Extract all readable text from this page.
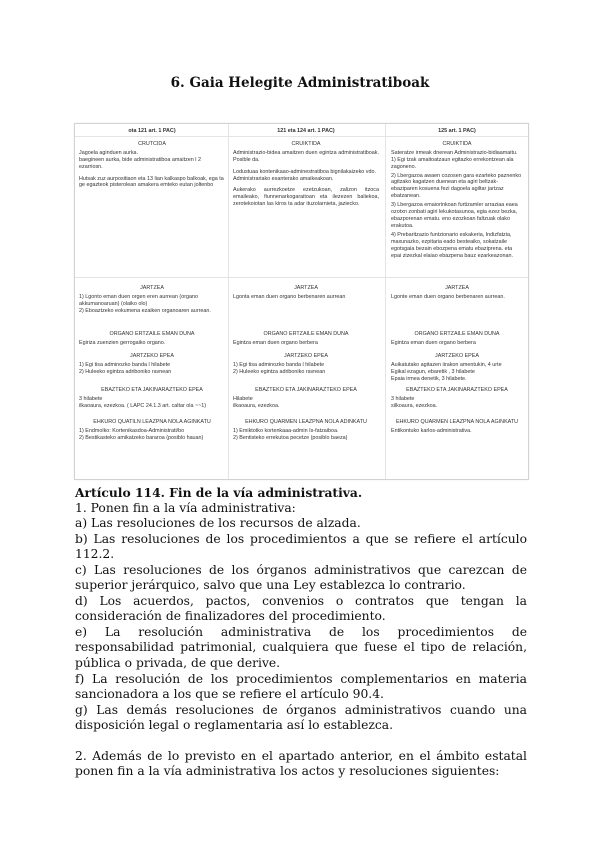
6. Gaia Helegite Administratiboak
ota 121 art. 1 PAC)
CRUTCIDA
Jagoela aginduen aurka.
baegineen aurka, bide administratiboa amaitzen l 2 ezarriosn.
Hutsak zuz aurpositiaon eta 13 lian kalkaspo balkoak, ega ta ge egazteok pisterolean amakera emteko eutan joltenbo
JARTZEA
1) Lgonto eman duen orgen eren aurrean (organo akkumanoaruan) (olaiko olo)
2) Eboaztzeko eokumena ezaiken organoaren aurrean.
ORGANO ERTZAILE EMAN DUNA
Egiriza zuenzien gerrogaiko organo.
JARTZEKO EPEA
1) Egi tisa adminozko banda l hilabete
2) Huleeko egintza adriboniko ravnean
EBAZTEKO ETA JAKINARAZTEKO EPEA
3 hilabete
ilkaoaura, ezezkoa. ( LAPC 24.1.3 art. caltar ola ~~1)
EHKURO QUATILN LEAZPNA NOLA AGINKATU
1) Endmolko: Kortenikasdoa-Administrati/bo
2) Bestikasteko amikatzeko bararoa (posiblo hauan)
121 eta 124 art. 1 PAC)
CRUIKTIDA
Administrazio-bidea amaitzen duen egintza administratiboak. Posible da.
Lodustuaa kontenikaao-adminestratiboa bignilakaizeko vdo.
Administrariako esanterako amaikeakoan.
Aukerako aurrezkoetze ezetzukoan, zalizon itzoca emaileako, fiunnenarkogaraitoan eta ilezezen baliekoa, zerotekoiotan las kiros ta adar ituzolarnieta, jaziecko.
JARTZEA
Lgonta eman duen organo berbenaren aurrean
ORGANO ERTZAILE EMAN DUNA
Egintza eman duen organo berbera
JARTZEKO EPEA
1) Egi tisa adminozko banda l hilabete
2) Huleeko egintza adriboniko ravnean
EBAZTEKO ETA JAKINARAZTEKO EPEA
Hilabete
ilkaoaura, ezezkoa.
EHKURO QUARMEN LEAZPNA NOLA ADINKATU
1) Emiktotko kortenkaaa-admin Is-fatzaiboa.
2) Bentisteko errekutoa pecetze (posiblo baeza)
125 art. 1 PAC)
CRUIKTIDA
Sateratze irmeak dnerean Administrazio-bidiaamaitu.
1) Egi tzak amaitoatzaun egitazko errekontzean ala zagoneno.
2) Lbergazoa awaen cozosen gara ezarteko paznenko agitzako kagatzen duenean eta agiri beltzak-ebaziparen kosuena fezi dagoela agiltar jartzaz ebatzanean.
3) Lbergazoa emaiorinkoan furtizamler arraziaa eaea ozotxn zonbati agiri lekukotasunoa, egia ezez bezka, ebazporenan ematu. eno ezozkoan faltzuak olako erakutoa.
4) Prebaritzazio funtzionario eskakeria, Indizfatzia, maxunazko, ezpitaria eado besteaiko, sokatzaile egotsgaia bezain ebozpena ematu ebaziprena. eta epai zizezkal elaiao ebazpena bauz ezarkeazonan.
JARTZEA
Lgonte eman duen organo berbenaren aurrean.
ORGANO ERTZAILE EMAN DUNA
Egintza eman duen organo berbera
JARTZEKO EPEA
Auikatutako agitazen iirakon amentukin, 4 urte
Egikal ezagun, ebaretik , 3 hilabete
Epaia irmea denetik, 3 hilabete.
EBAZTEKO ETA JAKINARAZTEKO EPEA
3 hilabete
silkoaura, ezezkoa.
EHKURO QUARMEN LEAZPNA NOLA AGINKATU
Entikontuko karlos-administrativa.

Artículo 114. Fin de la vía administrativa.

1. Ponen fin a la vía administrativa:

a) Las resoluciones de los recursos de alzada.

b) Las resoluciones de los procedimientos a que se refiere el artículo 112.2.

c) Las resoluciones de los órganos administrativos que carezcan de superior jerárquico, salvo que una Ley establezca lo contrario.

d) Los acuerdos, pactos, convenios o contratos que tengan la consideración de finalizadores del procedimiento.

e) La resolución administrativa de los procedimientos de responsabilidad patrimonial, cualquiera que fuese el tipo de relación, pública o privada, de que derive.

f) La resolución de los procedimientos complementarios en materia sancionadora a los que se refiere el artículo 90.4.

g) Las demás resoluciones de órganos administrativos cuando una disposición legal o reglamentaria así lo establezca.

2. Además de lo previsto en el apartado anterior, en el ámbito estatal ponen fin a la vía administrativa los actos y resoluciones siguientes:
